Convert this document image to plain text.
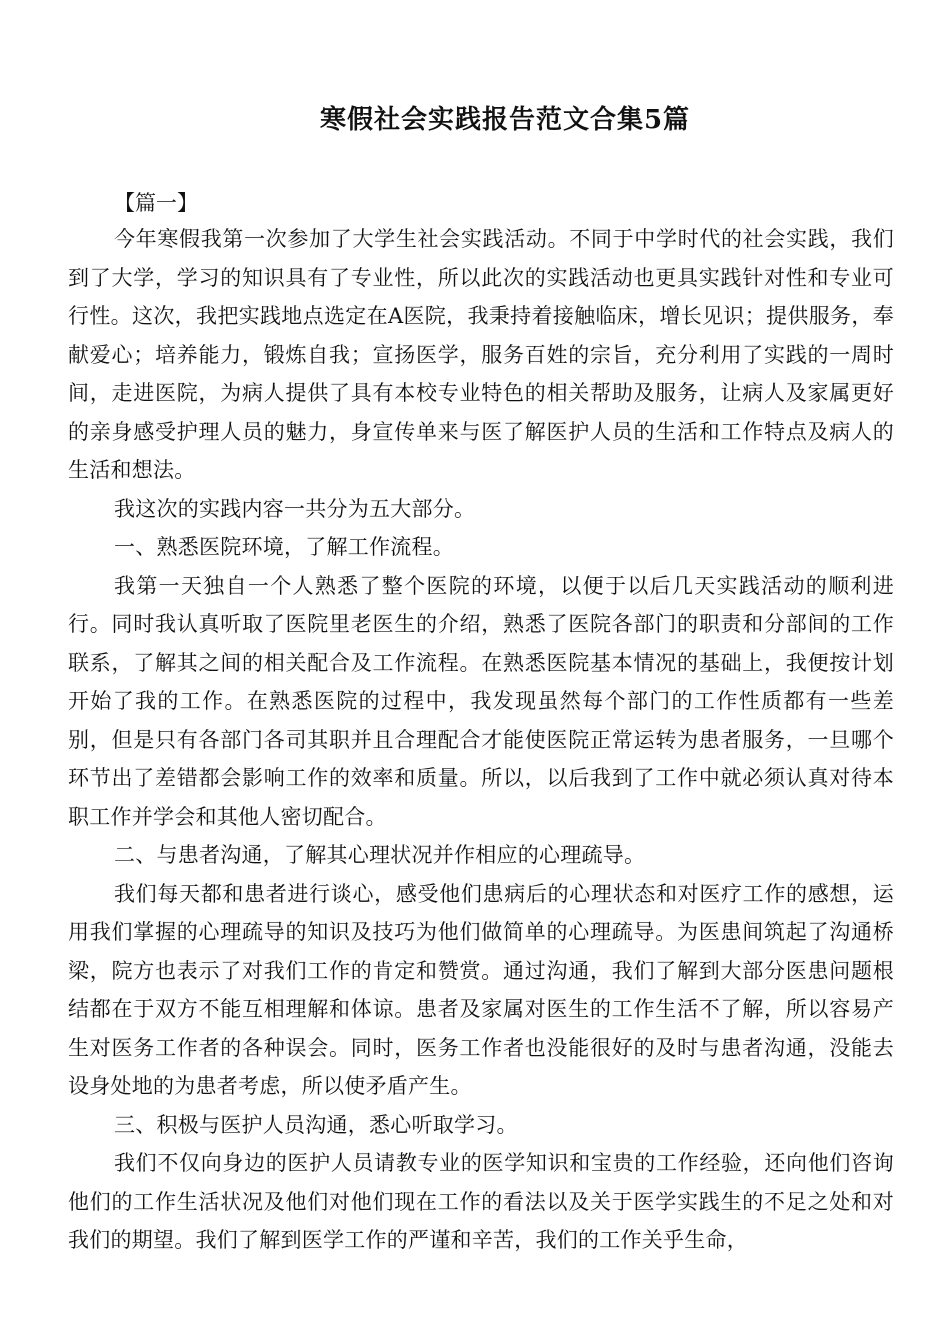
寒假社会实践报告范文合集5篇

【篇一】

今年寒假我第一次参加了大学生社会实践活动。不同于中学时代的社会实践，我们到了大学，学习的知识具有了专业性，所以此次的实践活动也更具实践针对性和专业可行性。这次，我把实践地点选定在A医院，我秉持着接触临床，增长见识；提供服务，奉献爱心；培养能力，锻炼自我；宣扬医学，服务百姓的宗旨，充分利用了实践的一周时间，走进医院，为病人提供了具有本校专业特色的相关帮助及服务，让病人及家属更好的亲身感受护理人员的魅力，身宣传单来与医了解医护人员的生活和工作特点及病人的生活和想法。

我这次的实践内容一共分为五大部分。

一、熟悉医院环境，了解工作流程。

我第一天独自一个人熟悉了整个医院的环境，以便于以后几天实践活动的顺利进行。同时我认真听取了医院里老医生的介绍，熟悉了医院各部门的职责和分部间的工作联系，了解其之间的相关配合及工作流程。在熟悉医院基本情况的基础上，我便按计划开始了我的工作。在熟悉医院的过程中，我发现虽然每个部门的工作性质都有一些差别，但是只有各部门各司其职并且合理配合才能使医院正常运转为患者服务，一旦哪个环节出了差错都会影响工作的效率和质量。所以，以后我到了工作中就必须认真对待本职工作并学会和其他人密切配合。

二、与患者沟通，了解其心理状况并作相应的心理疏导。

我们每天都和患者进行谈心，感受他们患病后的心理状态和对医疗工作的感想，运用我们掌握的心理疏导的知识及技巧为他们做简单的心理疏导。为医患间筑起了沟通桥梁，院方也表示了对我们工作的肯定和赞赏。通过沟通，我们了解到大部分医患问题根结都在于双方不能互相理解和体谅。患者及家属对医生的工作生活不了解，所以容易产生对医务工作者的各种误会。同时，医务工作者也没能很好的及时与患者沟通，没能去设身处地的为患者考虑，所以使矛盾产生。

三、积极与医护人员沟通，悉心听取学习。

我们不仅向身边的医护人员请教专业的医学知识和宝贵的工作经验，还向他们咨询他们的工作生活状况及他们对他们现在工作的看法以及关于医学实践生的不足之处和对我们的期望。我们了解到医学工作的严谨和辛苦，我们的工作关乎生命，
